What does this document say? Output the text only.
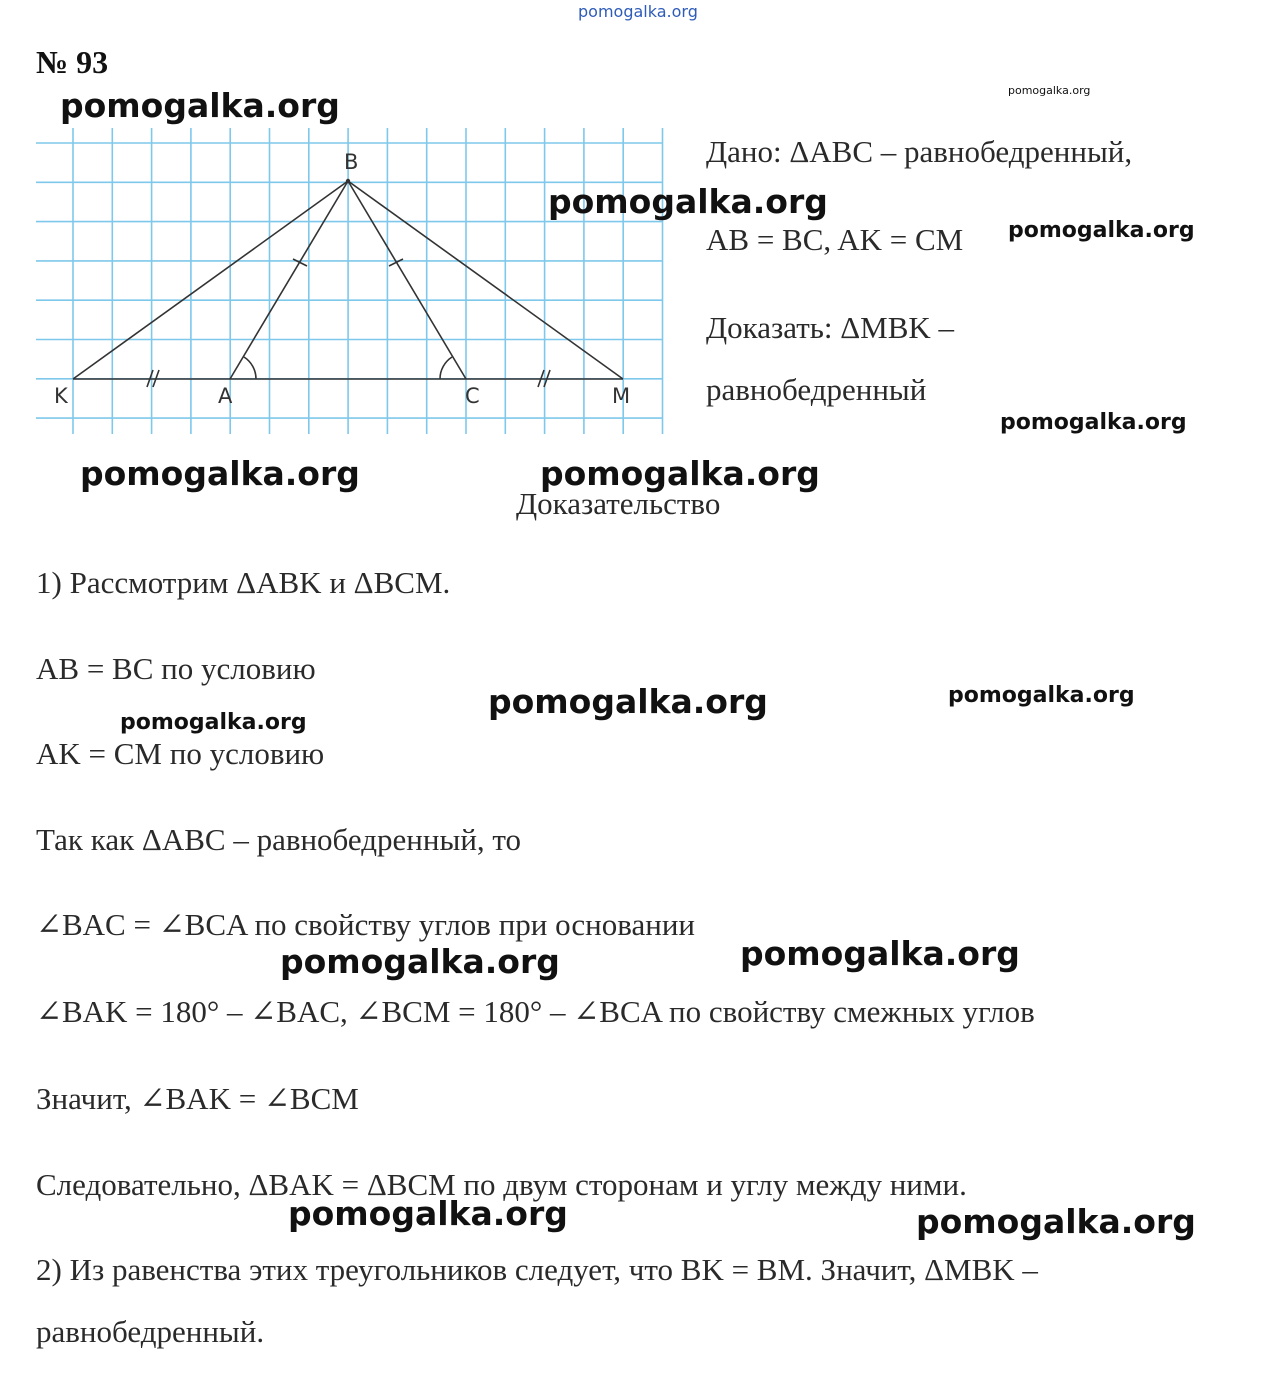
pomogalka.org
№ 93
B
K	A	C	M
Дано: ΔABC – равнобедренный,
AB = BC, AK = CM
Доказать: ΔMBK –
равнобедренный
Доказательство
1) Рассмотрим ΔABK и ΔBCM.
AB = BC по условию
AK = CM по условию
Так как ΔABC – равнобедренный, то
∠BAC = ∠BCA по свойству углов при основании
∠BAK = 180° – ∠BAC, ∠BCM = 180° – ∠BCA по свойству смежных углов
Значит, ∠BAK = ∠BCM
Следовательно, ΔBAK = ΔBCM по двум сторонам и углу между ними.
2) Из равенства этих треугольников следует, что BK = BM. Значит, ΔMBK –
равнобедренный.
pomogalka.org	pomogalka.org
pomogalka.org
pomogalka.org
pomogalka.org
pomogalka.org	pomogalka.org
pomogalka.org	pomogalka.org
pomogalka.org
pomogalka.org	pomogalka.org
pomogalka.org	pomogalka.org
